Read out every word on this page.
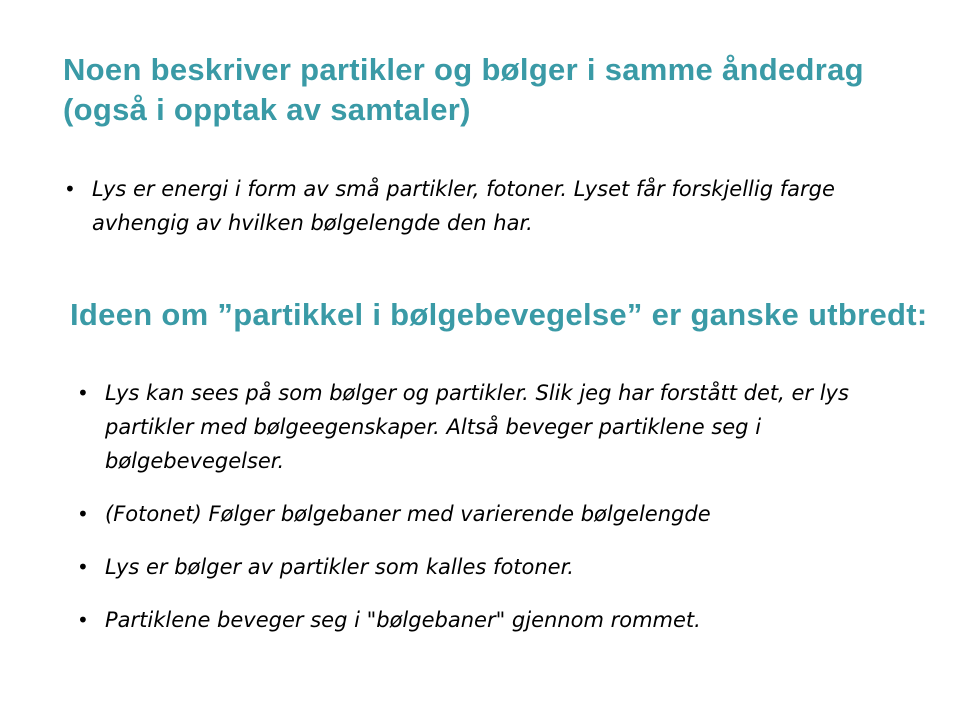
Noen beskriver partikler og bølger i samme åndedrag (også i opptak av samtaler)
• Lys er energi i form av små partikler, fotoner. Lyset får forskjellig farge avhengig av hvilken bølgelengde den har.
Ideen om ”partikkel i bølgebevegelse” er ganske utbredt:
• Lys kan sees på som bølger og partikler. Slik jeg har forstått det, er lys partikler med bølgeegenskaper. Altså beveger partiklene seg i bølgebevegelser.
• (Fotonet) Følger bølgebaner med varierende bølgelengde
• Lys er bølger av partikler som kalles fotoner.
• Partiklene beveger seg i "bølgebaner" gjennom rommet.
